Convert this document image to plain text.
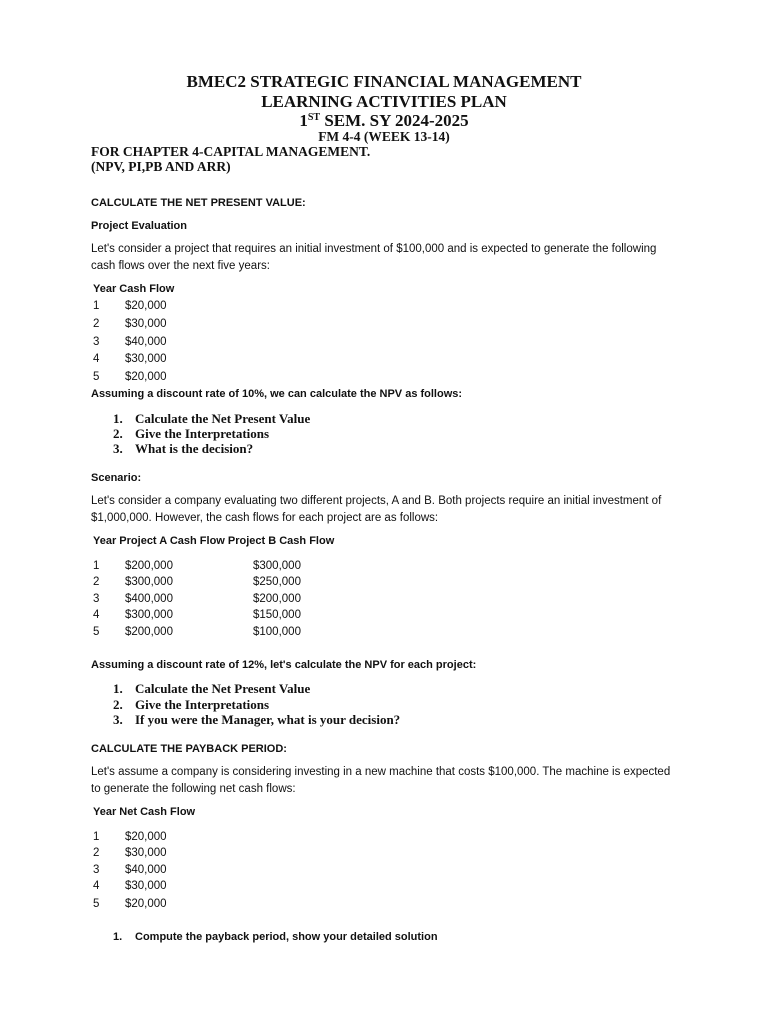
BMEC2 STRATEGIC FINANCIAL MANAGEMENT
LEARNING ACTIVITIES PLAN
1ST SEM. SY 2024-2025
FM 4-4 (WEEK 13-14)
FOR CHAPTER 4-CAPITAL MANAGEMENT.
(NPV, PI,PB AND ARR)
CALCULATE THE NET PRESENT VALUE:
Project Evaluation
Let's consider a project that requires an initial investment of $100,000 and is expected to generate the following cash flows over the next five years:
Year Cash Flow
1 $20,000
2 $30,000
3 $40,000
4 $30,000
5 $20,000
Assuming a discount rate of 10%, we can calculate the NPV as follows:
1. Calculate the Net Present Value
2. Give the Interpretations
3. What is the decision?
Scenario:
Let's consider a company evaluating two different projects, A and B. Both projects require an initial investment of $1,000,000. However, the cash flows for each project are as follows:
Year Project A Cash Flow Project B Cash Flow
1 $200,000	$300,000
2 $300,000	$250,000
3 $400,000	$200,000
4 $300,000	$150,000
5 $200,000	$100,000
Assuming a discount rate of 12%, let's calculate the NPV for each project:
1. Calculate the Net Present Value
2. Give the Interpretations
3. If you were the Manager, what is your decision?
CALCULATE THE PAYBACK PERIOD:
Let's assume a company is considering investing in a new machine that costs $100,000. The machine is expected to generate the following net cash flows:
Year Net Cash Flow
1 $20,000
2 $30,000
3 $40,000
4 $30,000
5 $20,000
1. Compute the payback period, show your detailed solution
